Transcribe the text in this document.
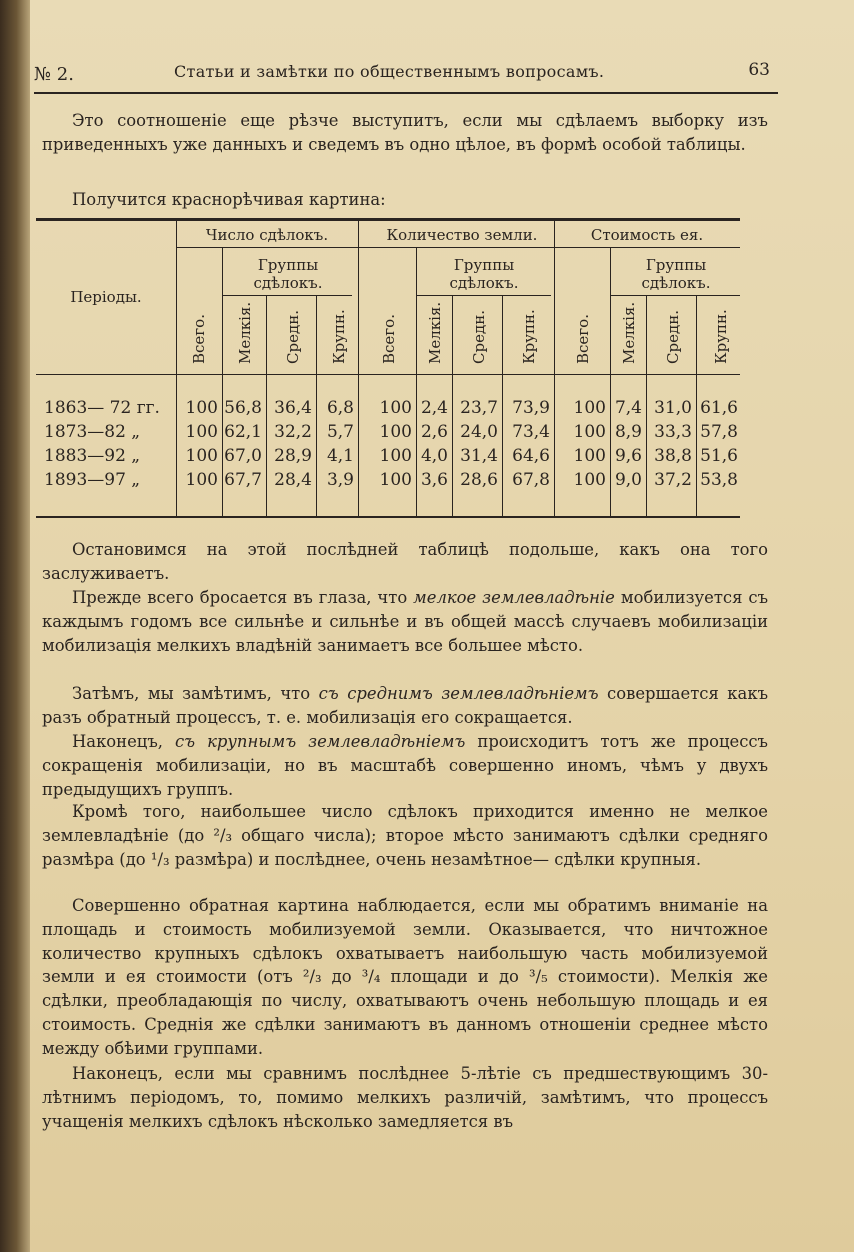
№ 2.	Статьи и замѣтки по общественнымъ вопросамъ.	63

Это соотношеніе еще рѣзче выступитъ, если мы сдѣлаемъ выборку изъ приведенныхъ уже данныхъ и сведемъ въ одно цѣлое, въ формѣ особой таблицы.

Получится краснорѣчивая картина:

Періоды.
Число сдѣлокъ.	Количество земли.	Стоимость ея.
Группы сдѣлокъ.
Группы сдѣлокъ.
Группы сдѣлокъ.
Всего. Мелкія. Средн. Крупн. Всего. Мелкія. Средн. Крупн. Всего. Мелкія. Средн. Крупн.
1863— 72 гг. 100 56,8 36,4 6,8 100 2,4 23,7 73,9 100 7,4 31,0 61,6
1873—82 „	100 62,1 32,2 5,7 100 2,6 24,0 73,4 100 8,9 33,3 57,8
1883—92 „	100 67,0 28,9 4,1 100 4,0 31,4 64,6 100 9,6 38,8 51,6
1893—97 „	100 67,7 28,4 3,9 100 3,6 28,6 67,8 100 9,0 37,2 53,8

Остановимся на этой послѣдней таблицѣ подольше, какъ она того заслуживаетъ.

Прежде всего бросается въ глаза, что мелкое землевладѣніе мобилизуется съ каждымъ годомъ все сильнѣе и сильнѣе и въ общей массѣ случаевъ мобилизаціи мобилизація мелкихъ владѣній занимаетъ все большее мѣсто.

Затѣмъ, мы замѣтимъ, что съ среднимъ землевладѣніемъ совершается какъ разъ обратный процессъ, т. е. мобилизація его сокращается.

Наконецъ, съ крупнымъ землевладѣніемъ происходитъ тотъ же процессъ сокращенія мобилизаціи, но въ масштабѣ совершенно иномъ, чѣмъ у двухъ предыдущихъ группъ.

Кромѣ того, наибольшее число сдѣлокъ приходится именно не мелкое землевладѣніе (до ²/₃ общаго числа); второе мѣсто занимаютъ сдѣлки средняго размѣра (до ¹/₃ размѣра) и послѣднее, очень незамѣтное— сдѣлки крупныя.

Совершенно обратная картина наблюдается, если мы обратимъ вниманіе на площадь и стоимость мобилизуемой земли. Оказывается, что ничтожное количество крупныхъ сдѣлокъ охватываетъ наибольшую часть мобилизуемой земли и ея стоимости (отъ ²/₃ до ³/₄ площади и до ³/₅ стоимости). Мелкія же сдѣлки, преобладающія по числу, охватываютъ очень небольшую площадь и ея стоимость. Среднія же сдѣлки занимаютъ въ данномъ отношеніи среднее мѣсто между обѣими группами.

Наконецъ, если мы сравнимъ послѣднее 5-лѣтіе съ предшествующимъ 30-лѣтнимъ періодомъ, то, помимо мелкихъ различій, замѣтимъ, что процессъ учащенія мелкихъ сдѣлокъ нѣсколько замедляется въ
